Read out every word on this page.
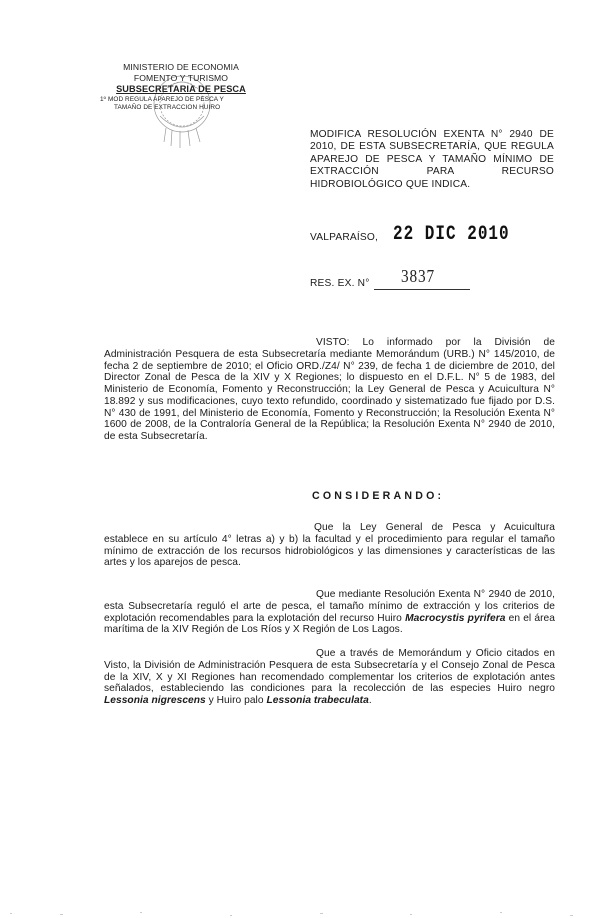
MINISTERIO DE ECONOMIA
FOMENTO Y TURISMO
SUBSECRETARIA DE PESCA
1º MOD REGULA APAREJO DE PESCA Y
TAMAÑO DE EXTRACCION HUIRO
MODIFICA RESOLUCIÓN EXENTA N° 2940 DE 2010, DE ESTA SUBSECRETARÍA, QUE REGULA APAREJO DE PESCA Y TAMAÑO MÍNIMO DE EXTRACCIÓN PARA RECURSO HIDROBIOLÓGICO QUE INDICA.
VALPARAÍSO, 22 DIC 2010
RES. EX. N° 3837
VISTO: Lo informado por la División de Administración Pesquera de esta Subsecretaría mediante Memorándum (URB.) N° 145/2010, de fecha 2 de septiembre de 2010; el Oficio ORD./Z4/ N° 239, de fecha 1 de diciembre de 2010, del Director Zonal de Pesca de la XIV y X Regiones; lo dispuesto en el D.F.L. N° 5 de 1983, del Ministerio de Economía, Fomento y Reconstrucción; la Ley General de Pesca y Acuicultura N° 18.892 y sus modificaciones, cuyo texto refundido, coordinado y sistematizado fue fijado por D.S. N° 430 de 1991, del Ministerio de Economía, Fomento y Reconstrucción; la Resolución Exenta N° 1600 de 2008, de la Contraloría General de la República; la Resolución Exenta N° 2940 de 2010, de esta Subsecretaría.
CONSIDERANDO:
Que la Ley General de Pesca y Acuicultura establece en su artículo 4° letras a) y b) la facultad y el procedimiento para regular el tamaño mínimo de extracción de los recursos hidrobiológicos y las dimensiones y características de las artes y los aparejos de pesca.
Que mediante Resolución Exenta N° 2940 de 2010, esta Subsecretaría reguló el arte de pesca, el tamaño mínimo de extracción y los criterios de explotación recomendables para la explotación del recurso Huiro Macrocystis pyrifera en el área marítima de la XIV Región de Los Ríos y X Región de Los Lagos.
Que a través de Memorándum y Oficio citados en Visto, la División de Administración Pesquera de esta Subsecretaría y el Consejo Zonal de Pesca de la XIV, X y XI Regiones han recomendado complementar los criterios de explotación antes señalados, estableciendo las condiciones para la recolección de las especies Huiro negro Lessonia nigrescens y Huiro palo Lessonia trabeculata.
